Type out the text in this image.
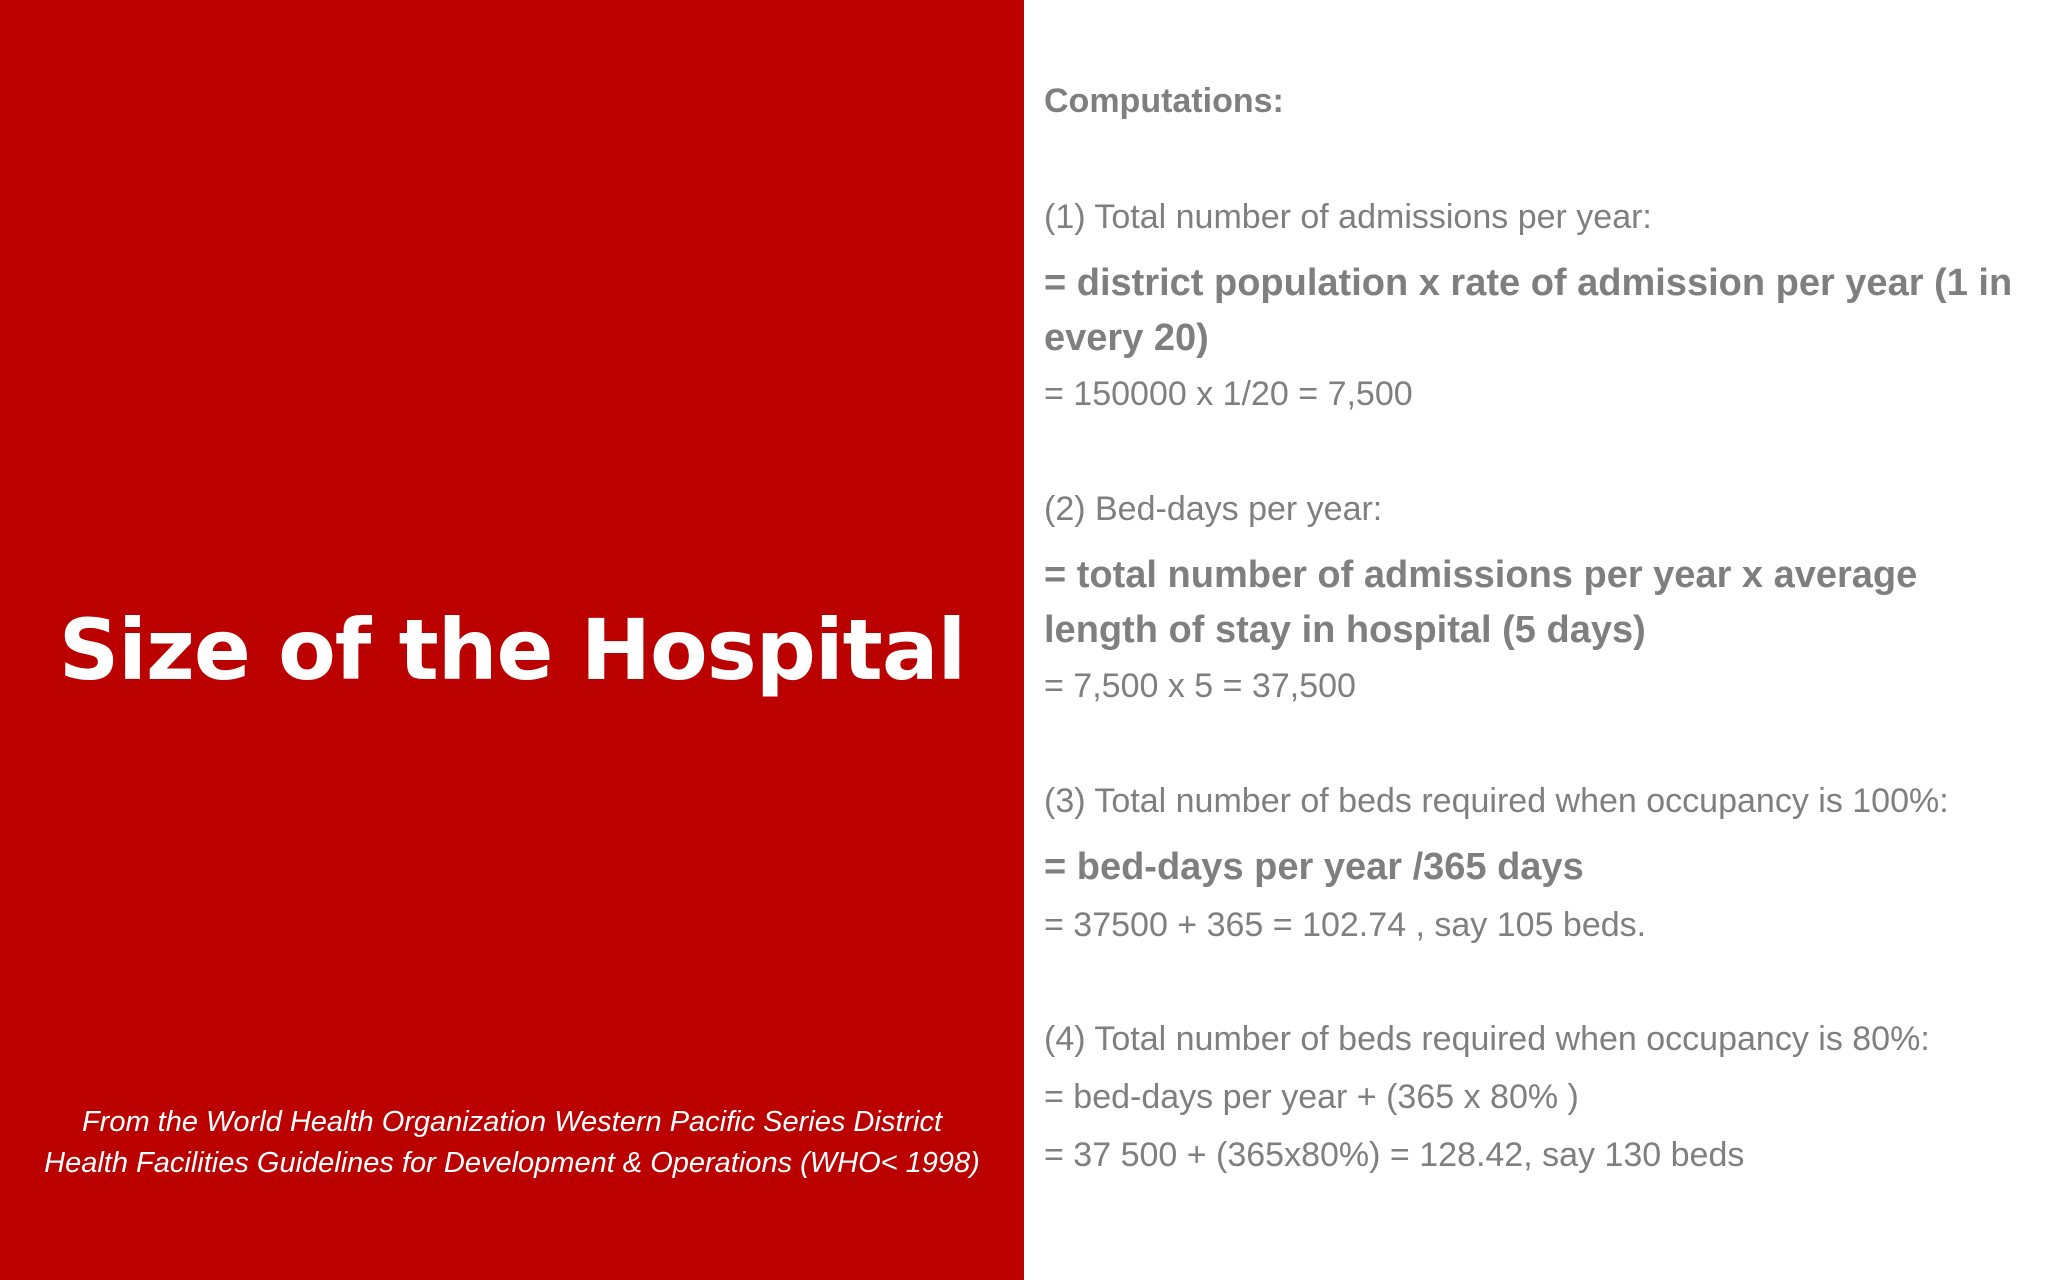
Size of the Hospital
From the World Health Organization Western Pacific Series District Health Facilities Guidelines for Development & Operations (WHO< 1998)
Computations:
(1) Total number of admissions per year:
= district population x rate of admission per year (1 in every 20)
= 150000 x 1/20 = 7,500
(2) Bed-days per year:
= total number of admissions per year x average length of stay in hospital (5 days)
= 7,500 x 5 = 37,500
(3) Total number of beds required when occupancy is 100%:
= bed-days per year /365 days
= 37500 + 365 = 102.74 , say 105 beds.
(4) Total number of beds required when occupancy is 80%:
= bed-days per year + (365 x 80% )
= 37 500 + (365x80%) = 128.42, say 130 beds
